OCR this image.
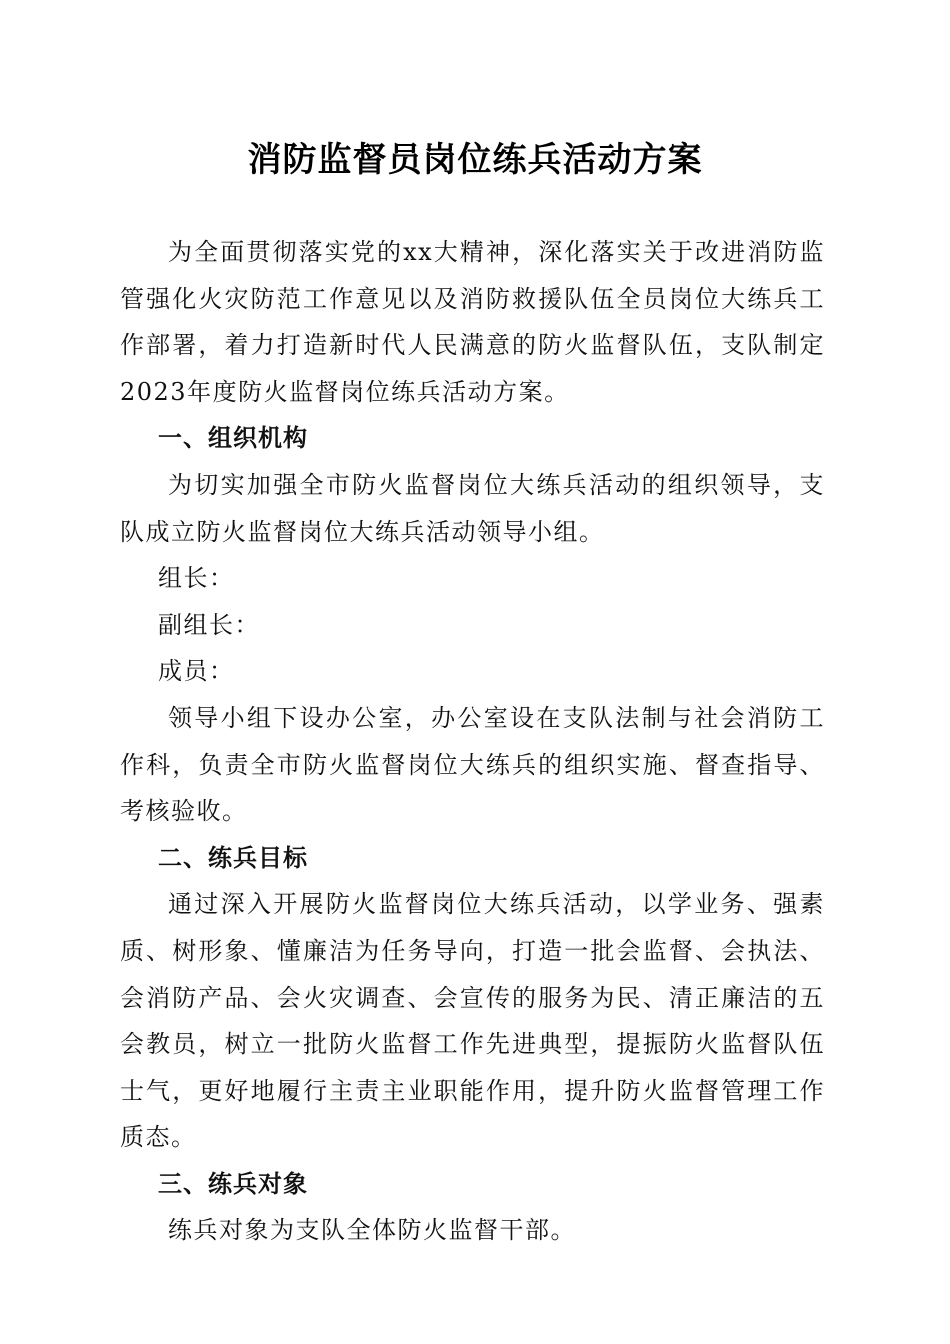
消防监督员岗位练兵活动方案

为全面贯彻落实党的xx大精神，深化落实关于改进消防监管强化火灾防范工作意见以及消防救援队伍全员岗位大练兵工作部署，着力打造新时代人民满意的防火监督队伍，支队制定2023年度防火监督岗位练兵活动方案。

一、组织机构

为切实加强全市防火监督岗位大练兵活动的组织领导，支队成立防火监督岗位大练兵活动领导小组。

组长：

副组长：

成员：

领导小组下设办公室，办公室设在支队法制与社会消防工作科，负责全市防火监督岗位大练兵的组织实施、督查指导、考核验收。

二、练兵目标

通过深入开展防火监督岗位大练兵活动，以学业务、强素质、树形象、懂廉洁为任务导向，打造一批会监督、会执法、会消防产品、会火灾调查、会宣传的服务为民、清正廉洁的五会教员，树立一批防火监督工作先进典型，提振防火监督队伍士气，更好地履行主责主业职能作用，提升防火监督管理工作质态。

三、练兵对象

练兵对象为支队全体防火监督干部。
